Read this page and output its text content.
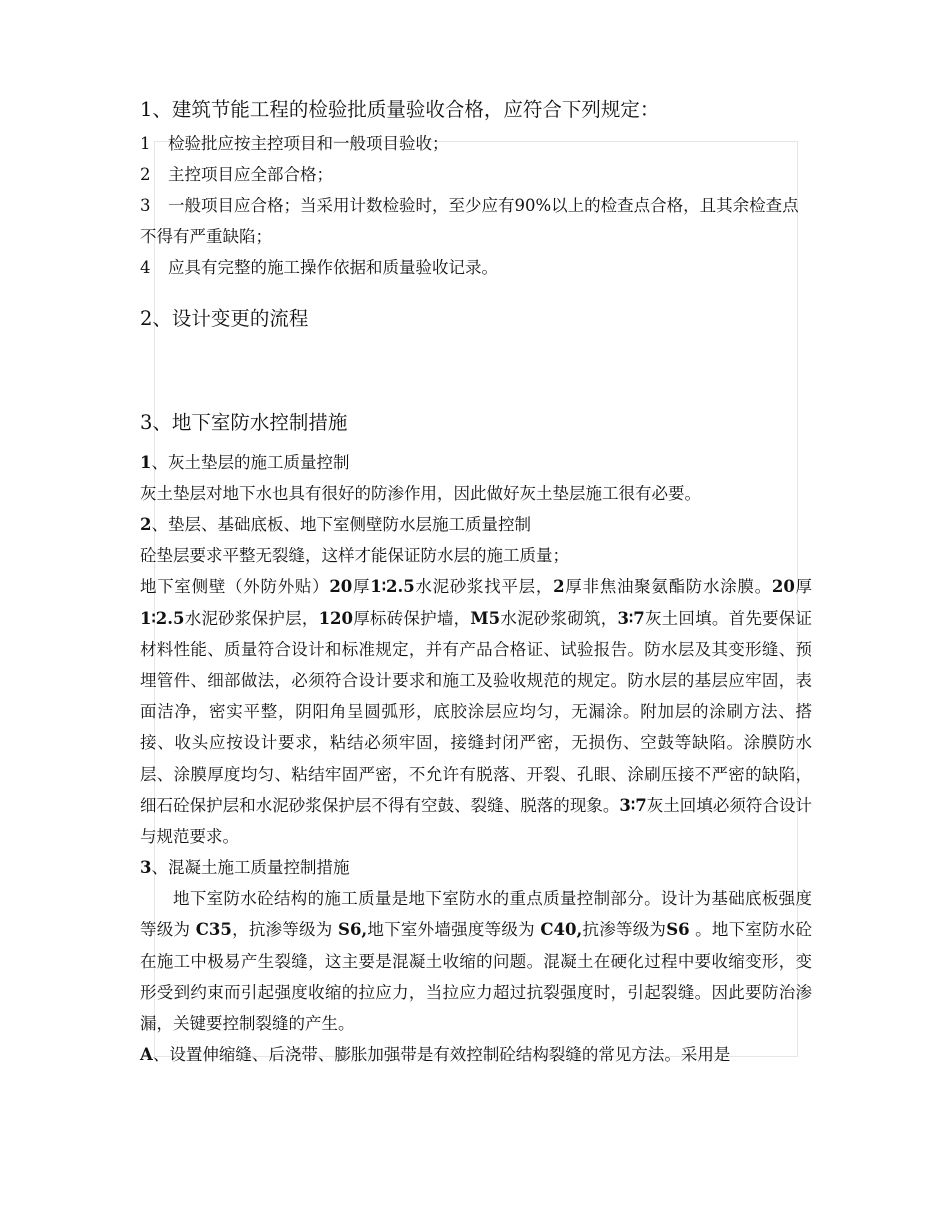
1、建筑节能工程的检验批质量验收合格，应符合下列规定：

1 检验批应按主控项目和一般项目验收；

2 主控项目应全部合格；

3 一般项目应合格；当采用计数检验时，至少应有90%以上的检查点合格，且其余检查点不得有严重缺陷；

4 应具有完整的施工操作依据和质量验收记录。

2、设计变更的流程

3、地下室防水控制措施

1、灰土垫层的施工质量控制

灰土垫层对地下水也具有很好的防渗作用，因此做好灰土垫层施工很有必要。

2、垫层、基础底板、地下室侧壁防水层施工质量控制

砼垫层要求平整无裂缝，这样才能保证防水层的施工质量；

地下室侧壁（外防外贴）20厚1∶2.5水泥砂浆找平层，2厚非焦油聚氨酯防水涂膜。20厚1∶2.5水泥砂浆保护层，120厚标砖保护墙，M5水泥砂浆砌筑，3∶7灰土回填。首先要保证材料性能、质量符合设计和标准规定，并有产品合格证、试验报告。防水层及其变形缝、预埋管件、细部做法，必须符合设计要求和施工及验收规范的规定。防水层的基层应牢固，表面洁净，密实平整，阴阳角呈圆弧形，底胶涂层应均匀，无漏涂。附加层的涂刷方法、搭接、收头应按设计要求，粘结必须牢固，接缝封闭严密，无损伤、空鼓等缺陷。涂膜防水层、涂膜厚度均匀、粘结牢固严密，不允许有脱落、开裂、孔眼、涂刷压接不严密的缺陷，细石砼保护层和水泥砂浆保护层不得有空鼓、裂缝、脱落的现象。3∶7灰土回填必须符合设计与规范要求。

3、混凝土施工质量控制措施

地下室防水砼结构的施工质量是地下室防水的重点质量控制部分。设计为基础底板强度等级为 C35，抗渗等级为 S6,地下室外墙强度等级为 C40,抗渗等级为S6 。地下室防水砼在施工中极易产生裂缝，这主要是混凝土收缩的问题。混凝土在硬化过程中要收缩变形，变形受到约束而引起强度收缩的拉应力，当拉应力超过抗裂强度时，引起裂缝。因此要防治渗漏，关键要控制裂缝的产生。

A、设置伸缩缝、后浇带、膨胀加强带是有效控制砼结构裂缝的常见方法。采用是
